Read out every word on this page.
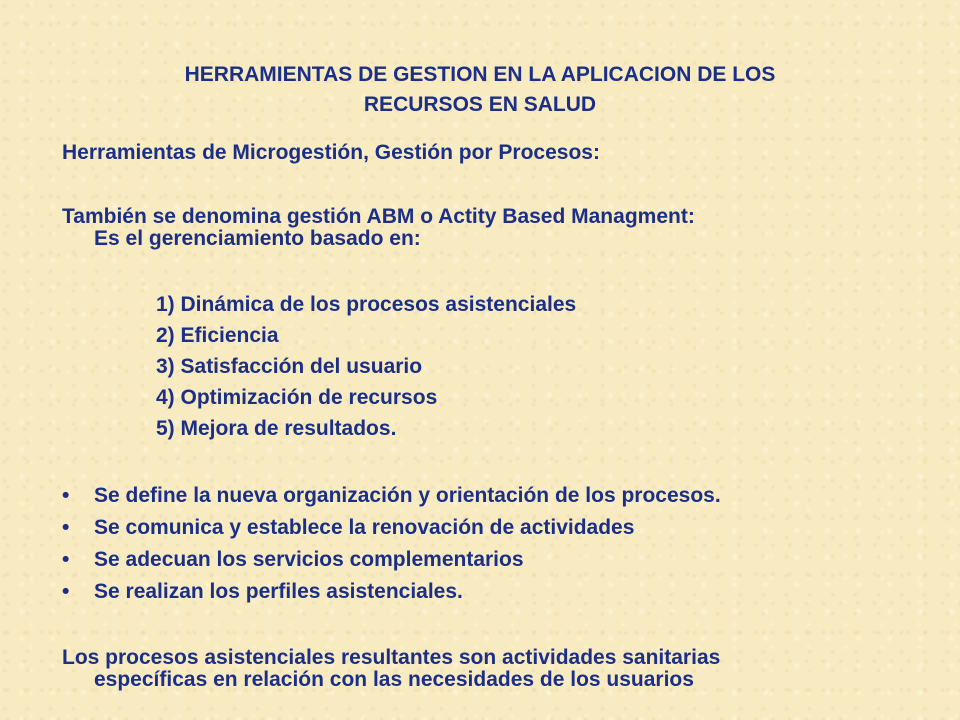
HERRAMIENTAS DE GESTION EN LA APLICACION DE LOS
RECURSOS EN SALUD
Herramientas de Microgestión, Gestión por Procesos:
También se denomina gestión ABM o Actity Based Managment:
Es el gerenciamiento basado en:
1) Dinámica de los procesos asistenciales
2) Eficiencia
3) Satisfacción del usuario
4) Optimización de recursos
5) Mejora de resultados.
• Se define la nueva organización y orientación de los procesos.
• Se comunica y establece la renovación de actividades
• Se adecuan los servicios complementarios
• Se realizan los perfiles asistenciales.
Los procesos asistenciales resultantes son actividades sanitarias
específicas en relación con las necesidades de los usuarios
